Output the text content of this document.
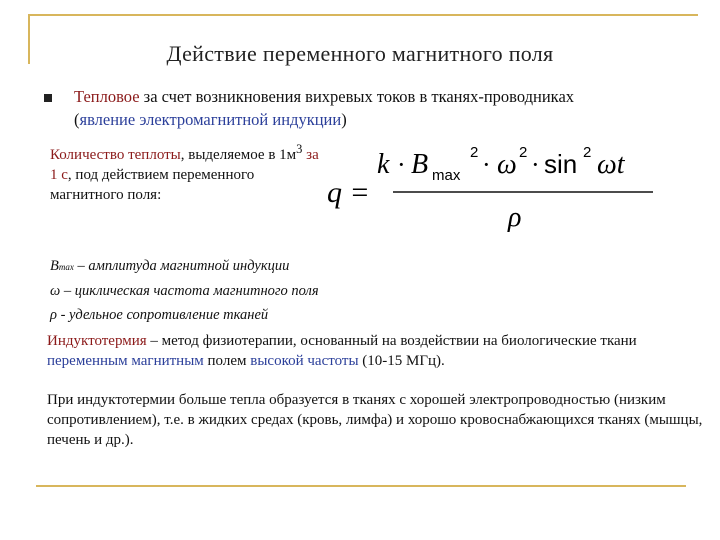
Действие переменного магнитного поля
Тепловое за счет возникновения вихревых токов в тканях-проводниках (явление электромагнитной индукции)
Количество теплоты, выделяемое в $1м^3$ за 1 с, под действием переменного магнитного поля:	q =
k · B max
2 · ω 2 · sin 2 ωt
ρ
Bmax – амплитуда магнитной индукции
ω – циклическая частота магнитного поля
ρ - удельное сопротивление тканей
Индуктотермия – метод физиотерапии, основанный на воздействии на биологические ткани переменным магнитным полем высокой частоты (10-15 МГц).
При индуктотермии больше тепла образуется в тканях с хорошей электропроводностью (низким сопротивлением), т.е. в жидких средах (кровь, лимфа) и хорошо кровоснабжающихся тканях (мышцы, печень и др.).
